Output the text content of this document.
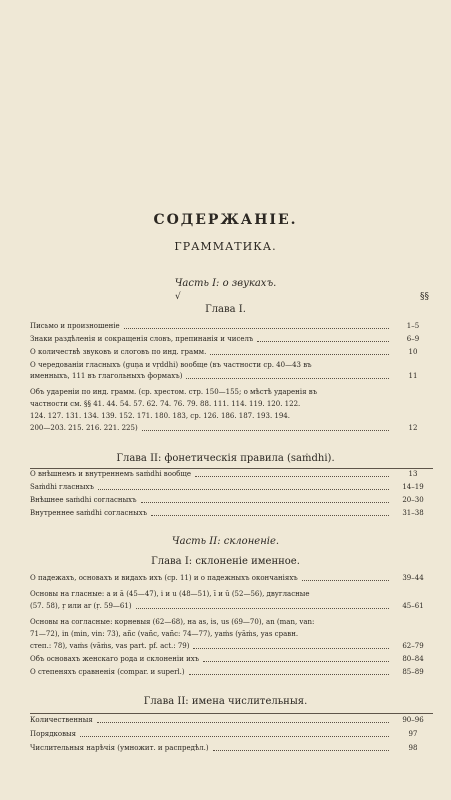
СОДЕРЖАНІЕ.
ГРАММАТИКА.
Часть I: о звукахъ.
√
Глава I.
§§
Письмо и произношеніе	1–5
Знаки раздѣленія и сокращенія словъ, препинанія и чиселъ	6–9
О количествѣ звуковъ и слоговъ по инд. грамм.	10
О чередованіи гласныхъ (guṇa и vṛddhi) вообще (въ частности ср. 40—43 въ
именныхъ, 111 въ глагольныхъ формахъ)	11
Объ удареніи по инд. грамм. (ср. хрестом. стр. 150—155; о мѣстѣ ударенія въ
частности см. §§ 41. 44. 54. 57. 62. 74. 76. 79. 88. 111. 114. 119. 120. 122.
124. 127. 131. 134. 139. 152. 171. 180. 183, ср. 126. 186. 187. 193. 194.
200—203. 215. 216. 221. 225)	12
Глава II: фонетическія правила (saṁdhi).
О внѣшнемъ и внутреннемъ saṁdhi вообще	13
Saṁdhi гласныхъ	14–19
Внѣшнее saṁdhi согласныхъ	20–30
Внутреннее saṁdhi согласныхъ	31–38
Часть II: склоненіе.
Глава I: склоненіе именное.
О падежахъ, основахъ и видахъ ихъ (ср. 11) и о падежныхъ окончаніяхъ	39–44
Основы на гласные: a и ā (45—47), i и u (48—51), ī и ū (52—56), двугласные
(57. 58), ṛ или ar (ṛ. 59—61)	45–61
Основы на согласные: корневыя (62—68), на as, is, us (69—70), an (man, van:
71—72), in (min, vin: 73), añc (vañc, vañc: 74—77), yaṁs (yāṁs, yas сравн.
степ.: 78), vaṁs (vāṁs, vas part. pf. act.: 79)	62–79
Объ основахъ женскаго рода и склоненіи ихъ	80–84
О степеняхъ сравненія (compar. и superl.)	85–89
Глава II: имена числительныя.
Количественныя	90–96
Порядковыя	97
Числительныя нарѣчія (умножит. и распредѣл.)	98
